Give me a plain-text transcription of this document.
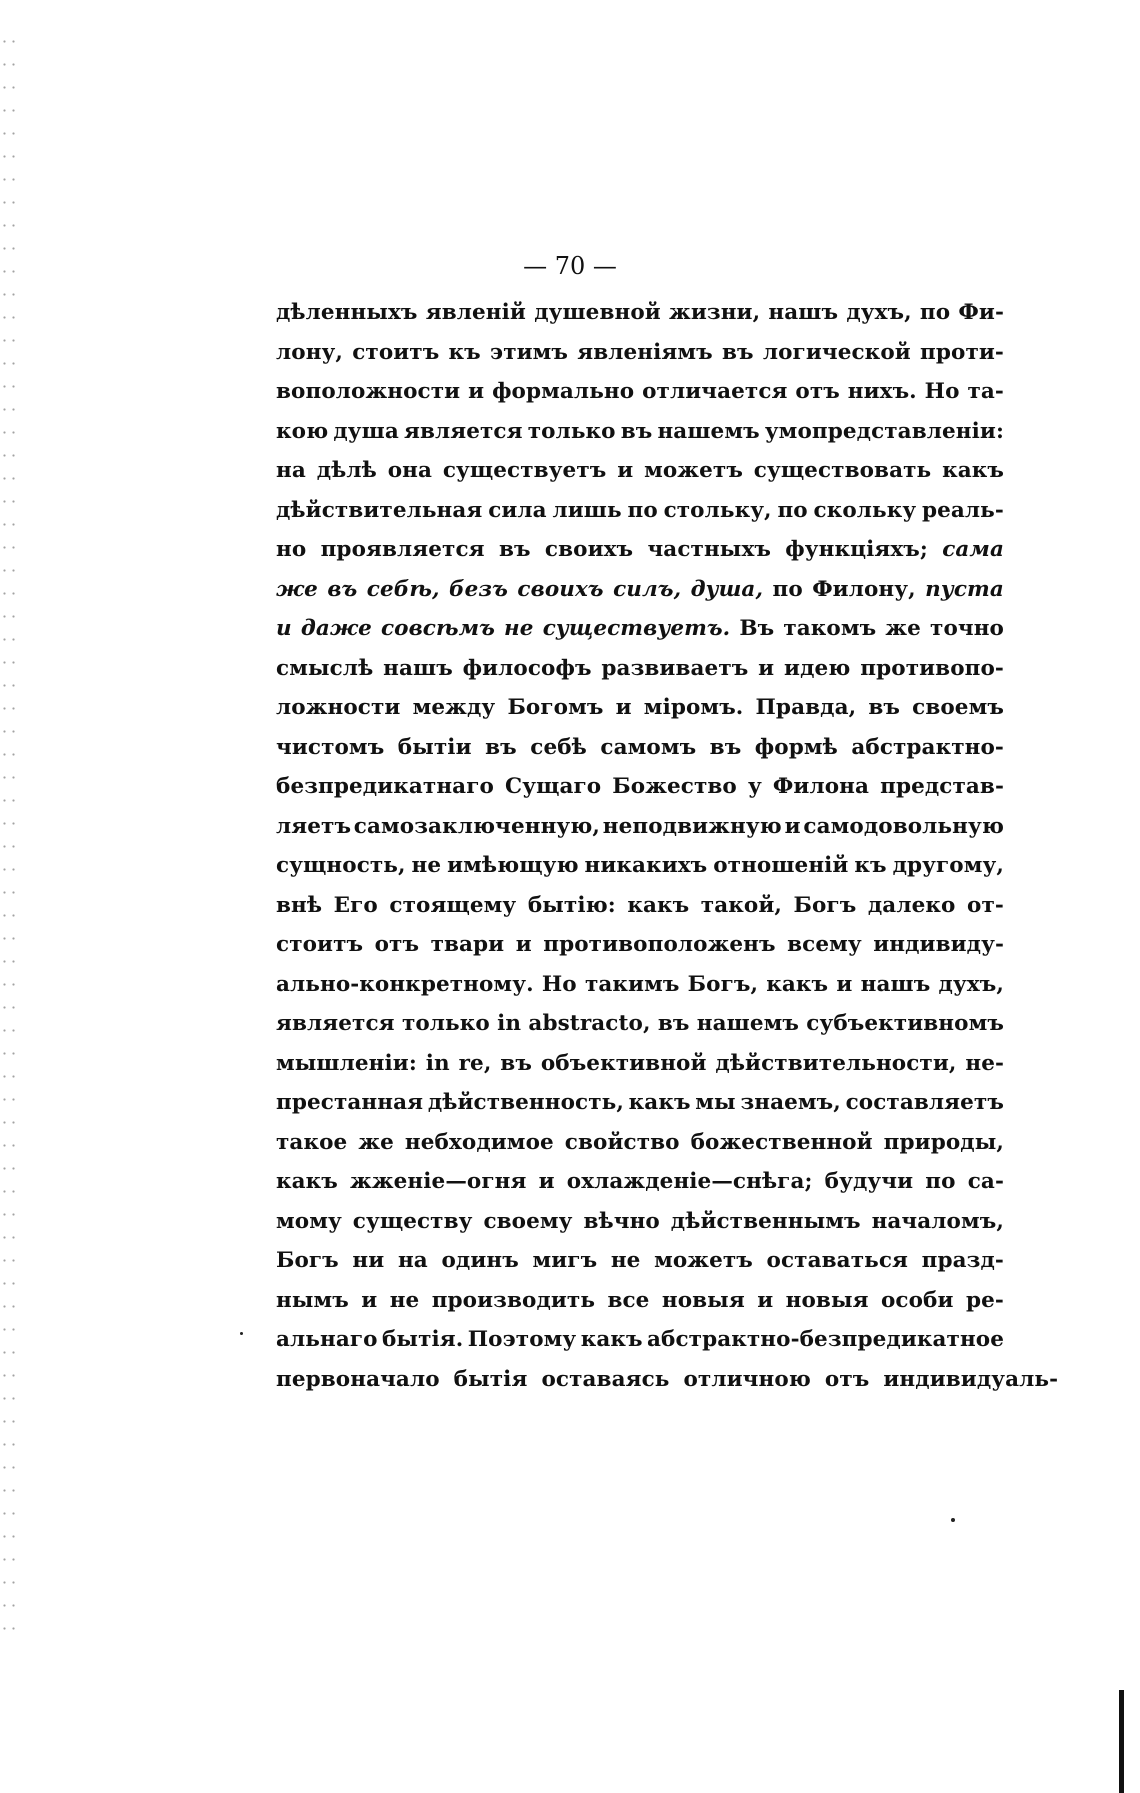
— 70 —
дѣленныхъ явленій душевной жизни, нашъ духъ, по Фи-
лону, стоитъ къ этимъ явленіямъ въ логической проти-
воположности и формально отличается отъ нихъ. Но та-
кою душа является только въ нашемъ умопредставленіи:
на дѣлѣ она существуетъ и можетъ существовать какъ
дѣйствительная сила лишь по стольку, по скольку реаль-
но проявляется въ своихъ частныхъ функціяхъ; сама
же въ себѣ, безъ своихъ силъ, душа, по Филону, пуста
и даже совсѣмъ не существуетъ. Въ такомъ же точно
смыслѣ нашъ философъ развиваетъ и идею противопо-
ложности между Богомъ и міромъ. Правда, въ своемъ
чистомъ бытіи въ себѣ самомъ въ формѣ абстрактно-
безпредикатнаго Сущаго Божество у Филона представ-
ляетъ самозаключенную, неподвижную и самодовольную
сущность, не имѣющую никакихъ отношеній къ другому,
внѣ Его стоящему бытію: какъ такой, Богъ далеко от-
стоитъ отъ твари и противоположенъ всему индивиду-
ально-конкретному. Но такимъ Богъ, какъ и нашъ духъ,
является только in abstracto, въ нашемъ субъективномъ
мышленіи: in re, въ объективной дѣйствительности, не-
престанная дѣйственность, какъ мы знаемъ, составляетъ
такое же небходимое свойство божественной природы,
какъ жженіе—огня и охлажденіе—снѣга; будучи по са-
мому существу своему вѣчно дѣйственнымъ началомъ,
Богъ ни на одинъ мигъ не можетъ оставаться празд-
нымъ и не производить все новыя и новыя особи ре-
альнаго бытія. Поэтому какъ абстрактно-безпредикатное
первоначало бытія оставаясь отличною отъ индивидуаль-
